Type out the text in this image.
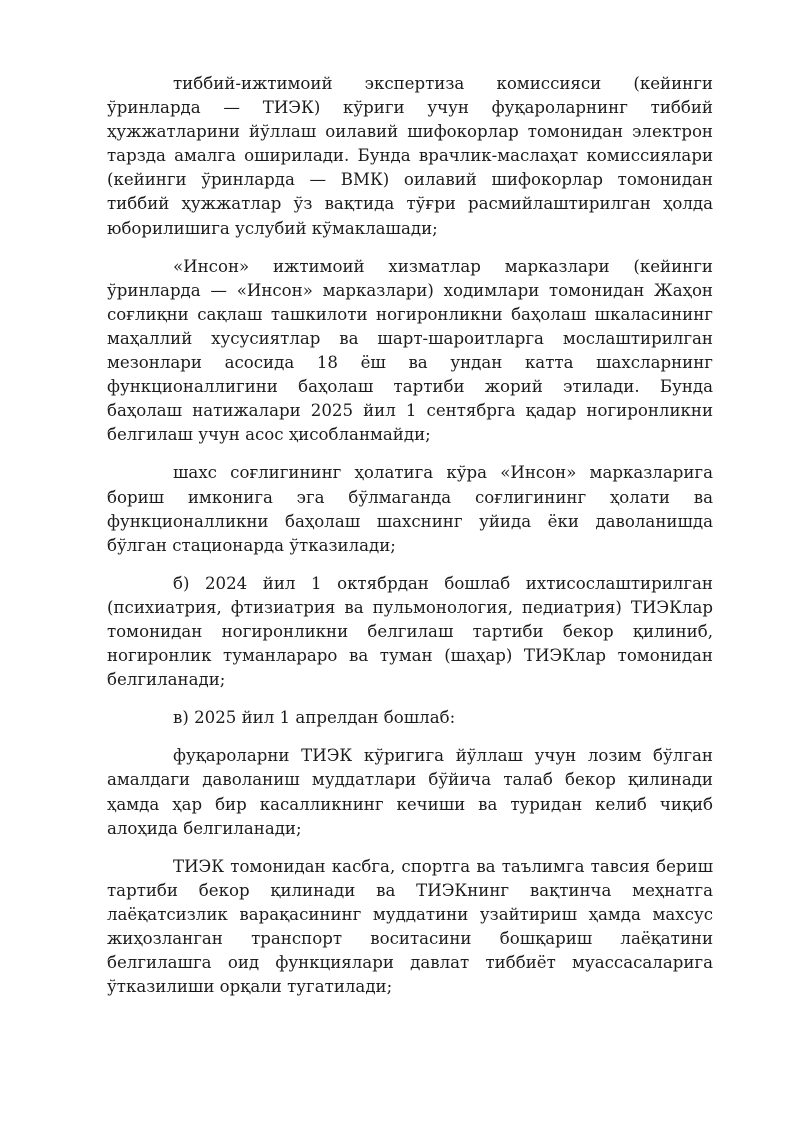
тиббий-ижтимоий экспертиза комиссияси (кейинги ўринларда — ТИЭК) кўриги учун фуқароларнинг тиббий ҳужжатларини йўллаш оилавий шифокорлар томонидан электрон тарзда амалга оширилади. Бунда врачлик-маслаҳат комиссиялари (кейинги ўринларда — ВМК) оилавий шифокорлар томонидан тиббий ҳужжатлар ўз вақтида тўғри расмийлаштирилган ҳолда юборилишига услубий кўмаклашади;

«Инсон» ижтимоий хизматлар марказлари (кейинги ўринларда — «Инсон» марказлари) ходимлари томонидан Жаҳон соғлиқни сақлаш ташкилоти ногиронликни баҳолаш шкаласининг маҳаллий хусусиятлар ва шарт-шароитларга мослаштирилган мезонлари асосида 18 ёш ва ундан катта шахсларнинг функционаллигини баҳолаш тартиби жорий этилади. Бунда баҳолаш натижалари 2025 йил 1 сентябрга қадар ногиронликни белгилаш учун асос ҳисобланмайди;

шахс соғлигининг ҳолатига кўра «Инсон» марказларига бориш имконига эга бўлмаганда соғлигининг ҳолати ва функционалликни баҳолаш шахснинг уйида ёки даволанишда бўлган стационарда ўтказилади;

б) 2024 йил 1 октябрдан бошлаб ихтисослаштирилган (психиатрия, фтизиатрия ва пульмонология, педиатрия) ТИЭКлар томонидан ногиронликни белгилаш тартиби бекор қилиниб, ногиронлик туманлараро ва туман (шаҳар) ТИЭКлар томонидан белгиланади;

в) 2025 йил 1 апрелдан бошлаб:

фуқароларни ТИЭК кўригига йўллаш учун лозим бўлган амалдаги даволаниш муддатлари бўйича талаб бекор қилинади ҳамда ҳар бир касалликнинг кечиши ва туридан келиб чиқиб алоҳида белгиланади;

ТИЭК томонидан касбга, спортга ва таълимга тавсия бериш тартиби бекор қилинади ва ТИЭКнинг вақтинча меҳнатга лаёқатсизлик варақасининг муддатини узайтириш ҳамда махсус жиҳозланган транспорт воситасини бошқариш лаёқатини белгилашга оид функциялари давлат тиббиёт муассасаларига ўтказилиши орқали тугатилади;
